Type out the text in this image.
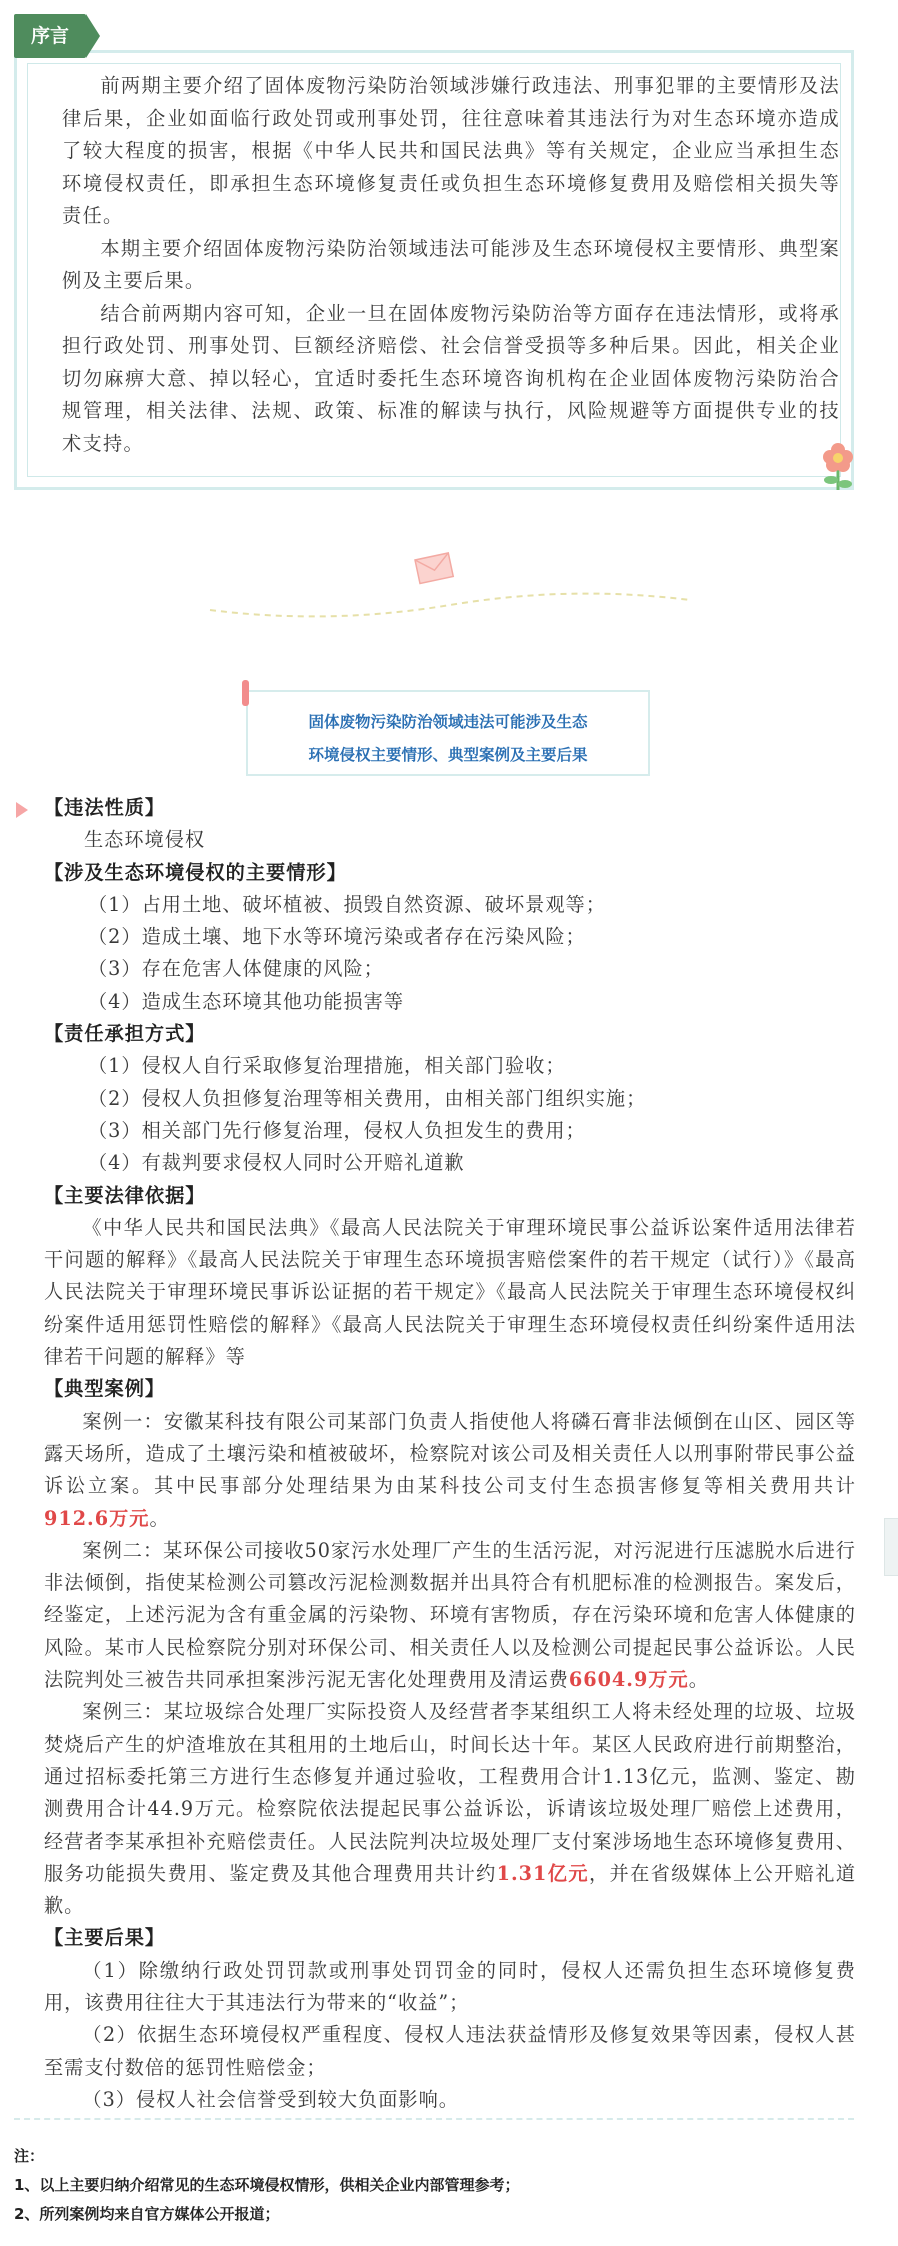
序言

前两期主要介绍了固体废物污染防治领域涉嫌行政违法、刑事犯罪的主要情形及法律后果，企业如面临行政处罚或刑事处罚，往往意味着其违法行为对生态环境亦造成了较大程度的损害，根据《中华人民共和国民法典》等有关规定，企业应当承担生态环境侵权责任，即承担生态环境修复责任或负担生态环境修复费用及赔偿相关损失等责任。

本期主要介绍固体废物污染防治领域违法可能涉及生态环境侵权主要情形、典型案例及主要后果。

结合前两期内容可知，企业一旦在固体废物污染防治等方面存在违法情形，或将承担行政处罚、刑事处罚、巨额经济赔偿、社会信誉受损等多种后果。因此，相关企业切勿麻痹大意、掉以轻心，宜适时委托生态环境咨询机构在企业固体废物污染防治合规管理，相关法律、法规、政策、标准的解读与执行，风险规避等方面提供专业的技术支持。

固体废物污染防治领域违法可能涉及生态
环境侵权主要情形、典型案例及主要后果
【违法性质】
生态环境侵权
【涉及生态环境侵权的主要情形】
（1）占用土地、破坏植被、损毁自然资源、破坏景观等；
（2）造成土壤、地下水等环境污染或者存在污染风险；
（3）存在危害人体健康的风险；
（4）造成生态环境其他功能损害等
【责任承担方式】
（1）侵权人自行采取修复治理措施，相关部门验收；
（2）侵权人负担修复治理等相关费用，由相关部门组织实施；
（3）相关部门先行修复治理，侵权人负担发生的费用；
（4）有裁判要求侵权人同时公开赔礼道歉
【主要法律依据】

《中华人民共和国民法典》《最高人民法院关于审理环境民事公益诉讼案件适用法律若干问题的解释》《最高人民法院关于审理生态环境损害赔偿案件的若干规定（试行）》《最高人民法院关于审理环境民事诉讼证据的若干规定》《最高人民法院关于审理生态环境侵权纠纷案件适用惩罚性赔偿的解释》《最高人民法院关于审理生态环境侵权责任纠纷案件适用法律若干问题的解释》等

【典型案例】

案例一：安徽某科技有限公司某部门负责人指使他人将磷石膏非法倾倒在山区、园区等露天场所，造成了土壤污染和植被破坏，检察院对该公司及相关责任人以刑事附带民事公益诉讼立案。其中民事部分处理结果为由某科技公司支付生态损害修复等相关费用共计912.6万元。

案例二：某环保公司接收50家污水处理厂产生的生活污泥，对污泥进行压滤脱水后进行非法倾倒，指使某检测公司篡改污泥检测数据并出具符合有机肥标准的检测报告。案发后，经鉴定，上述污泥为含有重金属的污染物、环境有害物质，存在污染环境和危害人体健康的风险。某市人民检察院分别对环保公司、相关责任人以及检测公司提起民事公益诉讼。人民法院判处三被告共同承担案涉污泥无害化处理费用及清运费6604.9万元。

案例三：某垃圾综合处理厂实际投资人及经营者李某组织工人将未经处理的垃圾、垃圾焚烧后产生的炉渣堆放在其租用的土地后山，时间长达十年。某区人民政府进行前期整治，通过招标委托第三方进行生态修复并通过验收，工程费用合计1.13亿元，监测、鉴定、勘测费用合计44.9万元。检察院依法提起民事公益诉讼，诉请该垃圾处理厂赔偿上述费用，经营者李某承担补充赔偿责任。人民法院判决垃圾处理厂支付案涉场地生态环境修复费用、服务功能损失费用、鉴定费及其他合理费用共计约1.31亿元，并在省级媒体上公开赔礼道歉。

【主要后果】

（1）除缴纳行政处罚罚款或刑事处罚罚金的同时，侵权人还需负担生态环境修复费用，该费用往往大于其违法行为带来的“收益”；

（2）依据生态环境侵权严重程度、侵权人违法获益情形及修复效果等因素，侵权人甚至需支付数倍的惩罚性赔偿金；

（3）侵权人社会信誉受到较大负面影响。

注：
1、以上主要归纳介绍常见的生态环境侵权情形，供相关企业内部管理参考；
2、所列案例均来自官方媒体公开报道；
